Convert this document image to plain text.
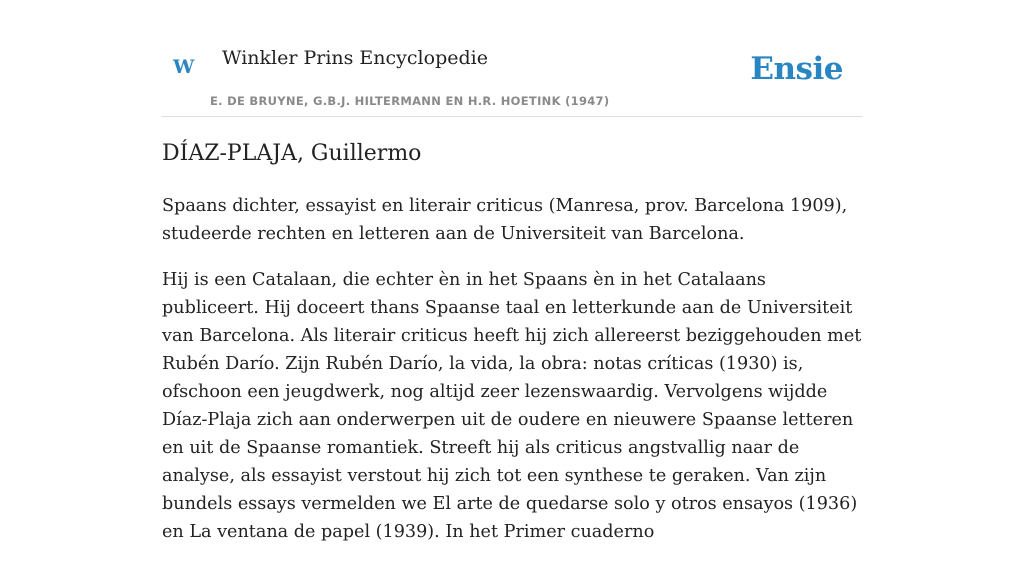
w Winkler Prins Encyclopedie
E. DE BRUYNE, G.B.J. HILTERMANN EN H.R. HOETINK (1947)
Ensie
DÍAZ-PLAJA, Guillermo

Spaans dichter, essayist en literair criticus (Manresa, prov. Barcelona 1909), studeerde rechten en letteren aan de Universiteit van Barcelona.

Hij is een Catalaan, die echter èn in het Spaans èn in het Catalaans publiceert. Hij doceert thans Spaanse taal en letterkunde aan de Universiteit van Barcelona. Als literair criticus heeft hij zich allereerst beziggehouden met Rubén Darío. Zijn Rubén Darío, la vida, la obra: notas críticas (1930) is, ofschoon een jeugdwerk, nog altijd zeer lezenswaardig. Vervolgens wijdde Díaz-Plaja zich aan onderwerpen uit de oudere en nieuwere Spaanse letteren en uit de Spaanse romantiek. Streeft hij als criticus angstvallig naar de analyse, als essayist verstout hij zich tot een synthese te geraken. Van zijn bundels essays vermelden we El arte de quedarse solo y otros ensayos (1936) en La ventana de papel (1939). In het Primer cuaderno
